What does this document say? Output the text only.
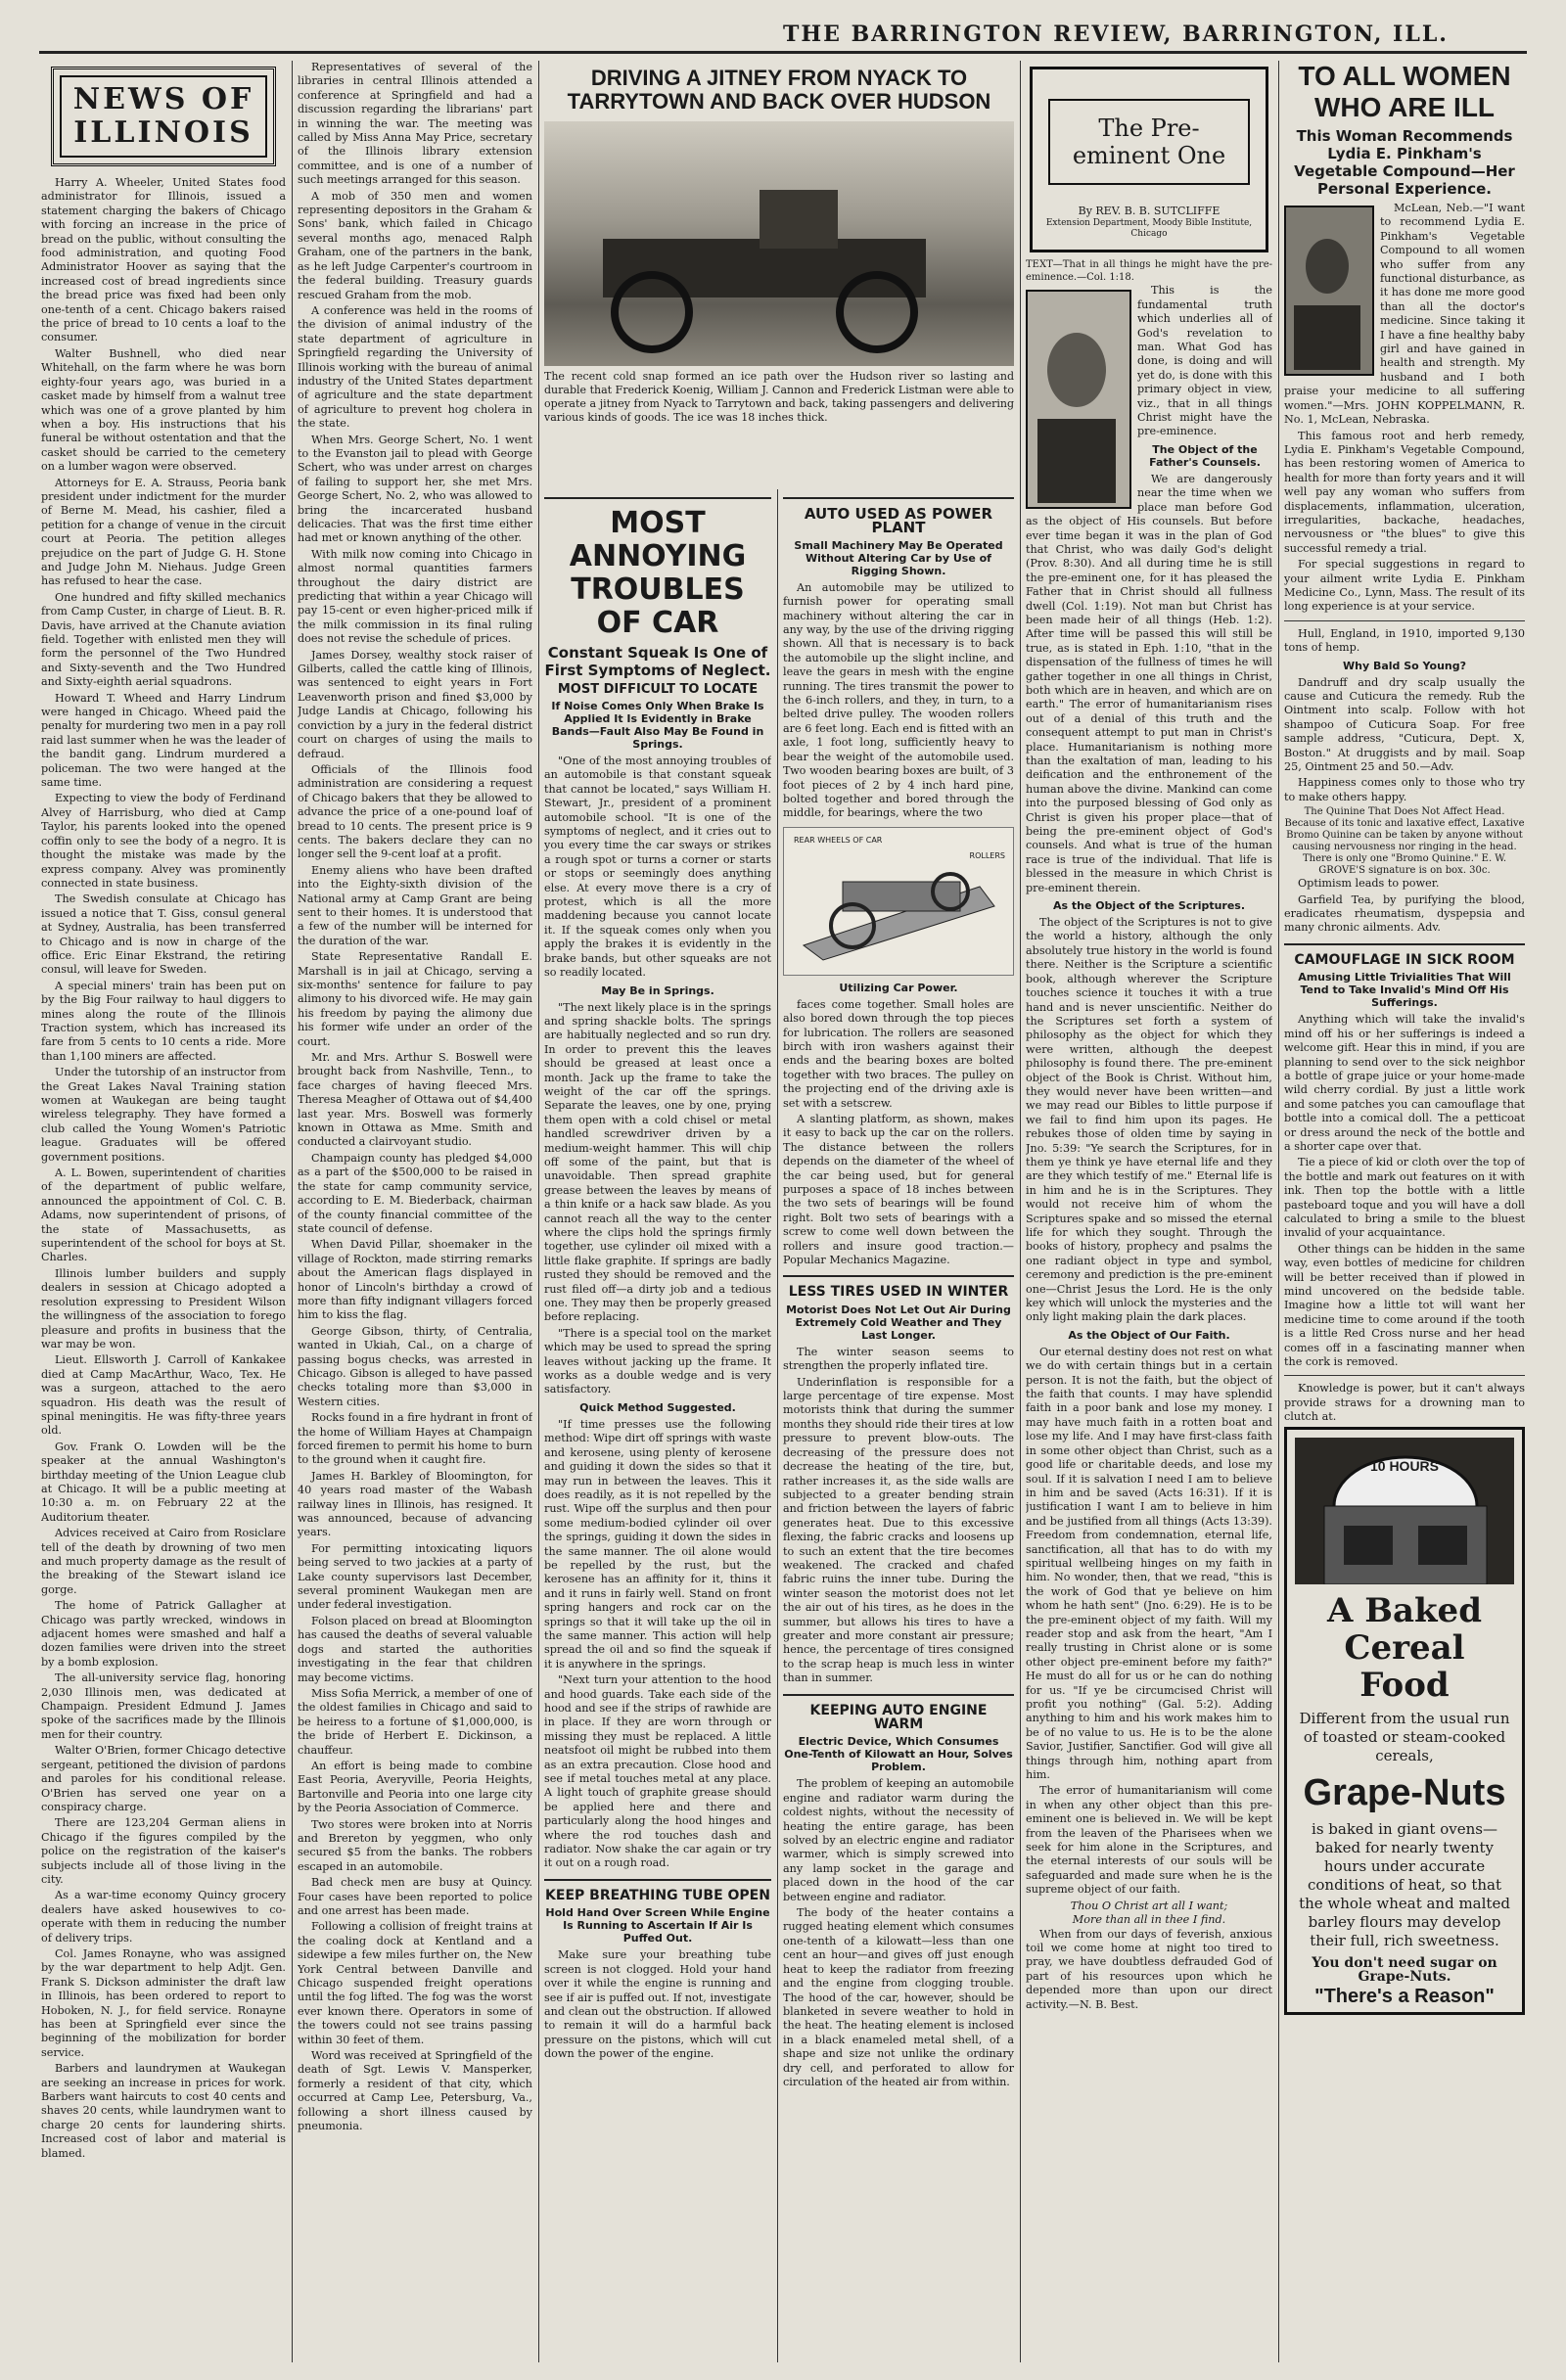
THE BARRINGTON REVIEW, BARRINGTON, ILL.
NEWS OF ILLINOIS

Harry A. Wheeler, United States food administrator for Illinois, issued a statement charging the bakers of Chicago with forcing an increase in the price of bread on the public, without consulting the food administration, and quoting Food Administrator Hoover as saying that the increased cost of bread ingredients since the bread price was fixed had been only one-tenth of a cent. Chicago bakers raised the price of bread to 10 cents a loaf to the consumer.

Walter Bushnell, who died near Whitehall, on the farm where he was born eighty-four years ago, was buried in a casket made by himself from a walnut tree which was one of a grove planted by him when a boy. His instructions that his funeral be without ostentation and that the casket should be carried to the cemetery on a lumber wagon were observed.

Attorneys for E. A. Strauss, Peoria bank president under indictment for the murder of Berne M. Mead, his cashier, filed a petition for a change of venue in the circuit court at Peoria. The petition alleges prejudice on the part of Judge G. H. Stone and Judge John M. Niehaus. Judge Green has refused to hear the case.

One hundred and fifty skilled mechanics from Camp Custer, in charge of Lieut. B. R. Davis, have arrived at the Chanute aviation field. Together with enlisted men they will form the personnel of the Two Hundred and Sixty-seventh and the Two Hundred and Sixty-eighth aerial squadrons.

Howard T. Wheed and Harry Lindrum were hanged in Chicago. Wheed paid the penalty for murdering two men in a pay roll raid last summer when he was the leader of the bandit gang. Lindrum murdered a policeman. The two were hanged at the same time.

Expecting to view the body of Ferdinand Alvey of Harrisburg, who died at Camp Taylor, his parents looked into the opened coffin only to see the body of a negro. It is thought the mistake was made by the express company. Alvey was prominently connected in state business.

The Swedish consulate at Chicago has issued a notice that T. Giss, consul general at Sydney, Australia, has been transferred to Chicago and is now in charge of the office. Eric Einar Ekstrand, the retiring consul, will leave for Sweden.

A special miners' train has been put on by the Big Four railway to haul diggers to mines along the route of the Illinois Traction system, which has increased its fare from 5 cents to 10 cents a ride. More than 1,100 miners are affected.

Under the tutorship of an instructor from the Great Lakes Naval Training station women at Waukegan are being taught wireless telegraphy. They have formed a club called the Young Women's Patriotic league. Graduates will be offered government positions.

A. L. Bowen, superintendent of charities of the department of public welfare, announced the appointment of Col. C. B. Adams, now superintendent of prisons, of the state of Massachusetts, as superintendent of the school for boys at St. Charles.

Illinois lumber builders and supply dealers in session at Chicago adopted a resolution expressing to President Wilson the willingness of the association to forego pleasure and profits in business that the war may be won.

Lieut. Ellsworth J. Carroll of Kankakee died at Camp MacArthur, Waco, Tex. He was a surgeon, attached to the aero squadron. His death was the result of spinal meningitis. He was fifty-three years old.

Gov. Frank O. Lowden will be the speaker at the annual Washington's birthday meeting of the Union League club at Chicago. It will be a public meeting at 10:30 a. m. on February 22 at the Auditorium theater.

Advices received at Cairo from Rosiclare tell of the death by drowning of two men and much property damage as the result of the breaking of the Stewart island ice gorge.

The home of Patrick Gallagher at Chicago was partly wrecked, windows in adjacent homes were smashed and half a dozen families were driven into the street by a bomb explosion.

The all-university service flag, honoring 2,030 Illinois men, was dedicated at Champaign. President Edmund J. James spoke of the sacrifices made by the Illinois men for their country.

Walter O'Brien, former Chicago detective sergeant, petitioned the division of pardons and paroles for his conditional release. O'Brien has served one year on a conspiracy charge.

There are 123,204 German aliens in Chicago if the figures compiled by the police on the registration of the kaiser's subjects include all of those living in the city.

As a war-time economy Quincy grocery dealers have asked housewives to co-operate with them in reducing the number of delivery trips.

Col. James Ronayne, who was assigned by the war department to help Adjt. Gen. Frank S. Dickson administer the draft law in Illinois, has been ordered to report to Hoboken, N. J., for field service. Ronayne has been at Springfield ever since the beginning of the mobilization for border service.

Barbers and laundrymen at Waukegan are seeking an increase in prices for work. Barbers want haircuts to cost 40 cents and shaves 20 cents, while laundrymen want to charge 20 cents for laundering shirts. Increased cost of labor and material is blamed.

Representatives of several of the libraries in central Illinois attended a conference at Springfield and had a discussion regarding the librarians' part in winning the war. The meeting was called by Miss Anna May Price, secretary of the Illinois library extension committee, and is one of a number of such meetings arranged for this season.

A mob of 350 men and women representing depositors in the Graham & Sons' bank, which failed in Chicago several months ago, menaced Ralph Graham, one of the partners in the bank, as he left Judge Carpenter's courtroom in the federal building. Treasury guards rescued Graham from the mob.

A conference was held in the rooms of the division of animal industry of the state department of agriculture in Springfield regarding the University of Illinois working with the bureau of animal industry of the United States department of agriculture and the state department of agriculture to prevent hog cholera in the state.

When Mrs. George Schert, No. 1 went to the Evanston jail to plead with George Schert, who was under arrest on charges of failing to support her, she met Mrs. George Schert, No. 2, who was allowed to bring the incarcerated husband delicacies. That was the first time either had met or known anything of the other.

With milk now coming into Chicago in almost normal quantities farmers throughout the dairy district are predicting that within a year Chicago will pay 15-cent or even higher-priced milk if the milk commission in its final ruling does not revise the schedule of prices.

James Dorsey, wealthy stock raiser of Gilberts, called the cattle king of Illinois, was sentenced to eight years in Fort Leavenworth prison and fined $3,000 by Judge Landis at Chicago, following his conviction by a jury in the federal district court on charges of using the mails to defraud.

Officials of the Illinois food administration are considering a request of Chicago bakers that they be allowed to advance the price of a one-pound loaf of bread to 10 cents. The present price is 9 cents. The bakers declare they can no longer sell the 9-cent loaf at a profit.

Enemy aliens who have been drafted into the Eighty-sixth division of the National army at Camp Grant are being sent to their homes. It is understood that a few of the number will be interned for the duration of the war.

State Representative Randall E. Marshall is in jail at Chicago, serving a six-months' sentence for failure to pay alimony to his divorced wife. He may gain his freedom by paying the alimony due his former wife under an order of the court.

Mr. and Mrs. Arthur S. Boswell were brought back from Nashville, Tenn., to face charges of having fleeced Mrs. Theresa Meagher of Ottawa out of $4,400 last year. Mrs. Boswell was formerly known in Ottawa as Mme. Smith and conducted a clairvoyant studio.

Champaign county has pledged $4,000 as a part of the $500,000 to be raised in the state for camp community service, according to E. M. Biederback, chairman of the county financial committee of the state council of defense.

When David Pillar, shoemaker in the village of Rockton, made stirring remarks about the American flags displayed in honor of Lincoln's birthday a crowd of more than fifty indignant villagers forced him to kiss the flag.

George Gibson, thirty, of Centralia, wanted in Ukiah, Cal., on a charge of passing bogus checks, was arrested in Chicago. Gibson is alleged to have passed checks totaling more than $3,000 in Western cities.

Rocks found in a fire hydrant in front of the home of William Hayes at Champaign forced firemen to permit his home to burn to the ground when it caught fire.

James H. Barkley of Bloomington, for 40 years road master of the Wabash railway lines in Illinois, has resigned. It was announced, because of advancing years.

For permitting intoxicating liquors being served to two jackies at a party of Lake county supervisors last December, several prominent Waukegan men are under federal investigation.

Folson placed on bread at Bloomington has caused the deaths of several valuable dogs and started the authorities investigating in the fear that children may become victims.

Miss Sofia Merrick, a member of one of the oldest families in Chicago and said to be heiress to a fortune of $1,000,000, is the bride of Herbert E. Dickinson, a chauffeur.

An effort is being made to combine East Peoria, Averyville, Peoria Heights, Bartonville and Peoria into one large city by the Peoria Association of Commerce.

Two stores were broken into at Norris and Brereton by yeggmen, who only secured $5 from the banks. The robbers escaped in an automobile.

Bad check men are busy at Quincy. Four cases have been reported to police and one arrest has been made.

Following a collision of freight trains at the coaling dock at Kentland and a sidewipe a few miles further on, the New York Central between Danville and Chicago suspended freight operations until the fog lifted. The fog was the worst ever known there. Operators in some of the towers could not see trains passing within 30 feet of them.

Word was received at Springfield of the death of Sgt. Lewis V. Mansperker, formerly a resident of that city, which occurred at Camp Lee, Petersburg, Va., following a short illness caused by pneumonia.

DRIVING A JITNEY FROM NYACK TO TARRYTOWN AND BACK OVER HUDSON
The recent cold snap formed an ice path over the Hudson river so lasting and durable that Frederick Koenig, William J. Cannon and Frederick Listman were able to operate a jitney from Nyack to Tarrytown and back, taking passengers and delivering various kinds of goods. The ice was 18 inches thick.
MOST ANNOYING TROUBLES OF CAR
Constant Squeak Is One of First Symptoms of Neglect.
MOST DIFFICULT TO LOCATE
If Noise Comes Only When Brake Is Applied It Is Evidently in Brake Bands—Fault Also May Be Found in Springs.

"One of the most annoying troubles of an automobile is that constant squeak that cannot be located," says William H. Stewart, Jr., president of a prominent automobile school. "It is one of the symptoms of neglect, and it cries out to you every time the car sways or strikes a rough spot or turns a corner or starts or stops or seemingly does anything else. At every move there is a cry of protest, which is all the more maddening because you cannot locate it. If the squeak comes only when you apply the brakes it is evidently in the brake bands, but other squeaks are not so readily located.

May Be in Springs.

"The next likely place is in the springs and spring shackle bolts. The springs are habitually neglected and so run dry. In order to prevent this the leaves should be greased at least once a month. Jack up the frame to take the weight of the car off the springs. Separate the leaves, one by one, prying them open with a cold chisel or metal handled screwdriver driven by a medium-weight hammer. This will chip off some of the paint, but that is unavoidable. Then spread graphite grease between the leaves by means of a thin knife or a hack saw blade. As you cannot reach all the way to the center where the clips hold the springs firmly together, use cylinder oil mixed with a little flake graphite. If springs are badly rusted they should be removed and the rust filed off—a dirty job and a tedious one. They may then be properly greased before replacing.

"There is a special tool on the market which may be used to spread the spring leaves without jacking up the frame. It works as a double wedge and is very satisfactory.

Quick Method Suggested.

"If time presses use the following method: Wipe dirt off springs with waste and kerosene, using plenty of kerosene and guiding it down the sides so that it may run in between the leaves. This it does readily, as it is not repelled by the rust. Wipe off the surplus and then pour some medium-bodied cylinder oil over the springs, guiding it down the sides in the same manner. The oil alone would be repelled by the rust, but the kerosene has an affinity for it, thins it and it runs in fairly well. Stand on front spring hangers and rock car on the springs so that it will take up the oil in the same manner. This action will help spread the oil and so find the squeak if it is anywhere in the springs.

"Next turn your attention to the hood and hood guards. Take each side of the hood and see if the strips of rawhide are in place. If they are worn through or missing they must be replaced. A little neatsfoot oil might be rubbed into them as an extra precaution. Close hood and see if metal touches metal at any place. A light touch of graphite grease should be applied here and there and particularly along the hood hinges and where the rod touches dash and radiator. Now shake the car again or try it out on a rough road.

KEEP BREATHING TUBE OPEN
Hold Hand Over Screen While Engine Is Running to Ascertain If Air Is Puffed Out.

Make sure your breathing tube screen is not clogged. Hold your hand over it while the engine is running and see if air is puffed out. If not, investigate and clean out the obstruction. If allowed to remain it will do a harmful back pressure on the pistons, which will cut down the power of the engine.

AUTO USED AS POWER PLANT
Small Machinery May Be Operated Without Altering Car by Use of Rigging Shown.

An automobile may be utilized to furnish power for operating small machinery without altering the car in any way, by the use of the driving rigging shown. All that is necessary is to back the automobile up the slight incline, and leave the gears in mesh with the engine running. The tires transmit the power to the 6-inch rollers, and they, in turn, to a belted drive pulley. The wooden rollers are 6 feet long. Each end is fitted with an axle, 1 foot long, sufficiently heavy to bear the weight of the automobile used. Two wooden bearing boxes are built, of 3 foot pieces of 2 by 4 inch hard pine, bolted together and bored through the middle, for bearings, where the two

REAR WHEELS OF CAR
ROLLERS
Utilizing Car Power.

faces come together. Small holes are also bored down through the top pieces for lubrication. The rollers are seasoned birch with iron washers against their ends and the bearing boxes are bolted together with two braces. The pulley on the projecting end of the driving axle is set with a setscrew.

A slanting platform, as shown, makes it easy to back up the car on the rollers. The distance between the rollers depends on the diameter of the wheel of the car being used, but for general purposes a space of 18 inches between the two sets of bearings will be found right. Bolt two sets of bearings with a screw to come well down between the rollers and insure good traction.—Popular Mechanics Magazine.

LESS TIRES USED IN WINTER
Motorist Does Not Let Out Air During Extremely Cold Weather and They Last Longer.

The winter season seems to strengthen the properly inflated tire.

Underinflation is responsible for a large percentage of tire expense. Most motorists think that during the summer months they should ride their tires at low pressure to prevent blow-outs. The decreasing of the pressure does not decrease the heating of the tire, but, rather increases it, as the side walls are subjected to a greater bending strain and friction between the layers of fabric generates heat. Due to this excessive flexing, the fabric cracks and loosens up to such an extent that the tire becomes weakened. The cracked and chafed fabric ruins the inner tube. During the winter season the motorist does not let the air out of his tires, as he does in the summer, but allows his tires to have a greater and more constant air pressure; hence, the percentage of tires consigned to the scrap heap is much less in winter than in summer.

KEEPING AUTO ENGINE WARM
Electric Device, Which Consumes One-Tenth of Kilowatt an Hour, Solves Problem.

The problem of keeping an automobile engine and radiator warm during the coldest nights, without the necessity of heating the entire garage, has been solved by an electric engine and radiator warmer, which is simply screwed into any lamp socket in the garage and placed down in the hood of the car between engine and radiator.

The body of the heater contains a rugged heating element which consumes one-tenth of a kilowatt—less than one cent an hour—and gives off just enough heat to keep the radiator from freezing and the engine from clogging trouble. The hood of the car, however, should be blanketed in severe weather to hold in the heat. The heating element is inclosed in a black enameled metal shell, of a shape and size not unlike the ordinary dry cell, and perforated to allow for circulation of the heated air from within.

The Pre-eminent One
By REV. B. B. SUTCLIFFE
Extension Department, Moody Bible Institute, Chicago
TEXT—That in all things he might have the pre-eminence.—Col. 1:18.

This is the fundamental truth which underlies all of God's revelation to man. What God has done, is doing and will yet do, is done with this primary object in view, viz., that in all things Christ might have the pre-eminence.

The Object of the Father's Counsels.

We are dangerously near the time when we place man before God as the object of His counsels. But before ever time began it was in the plan of God that Christ, who was daily God's delight (Prov. 8:30). And all during time he is still the pre-eminent one, for it has pleased the Father that in Christ should all fullness dwell (Col. 1:19). Not man but Christ has been made heir of all things (Heb. 1:2). After time will be passed this will still be true, as is stated in Eph. 1:10, "that in the dispensation of the fullness of times he will gather together in one all things in Christ, both which are in heaven, and which are on earth." The error of humanitarianism rises out of a denial of this truth and the consequent attempt to put man in Christ's place. Humanitarianism is nothing more than the exaltation of man, leading to his deification and the enthronement of the human above the divine. Mankind can come into the purposed blessing of God only as Christ is given his proper place—that of being the pre-eminent object of God's counsels. And what is true of the human race is true of the individual. That life is blessed in the measure in which Christ is pre-eminent therein.

As the Object of the Scriptures.

The object of the Scriptures is not to give the world a history, although the only absolutely true history in the world is found there. Neither is the Scripture a scientific book, although wherever the Scripture touches science it touches it with a true hand and is never unscientific. Neither do the Scriptures set forth a system of philosophy as the object for which they were written, although the deepest philosophy is found there. The pre-eminent object of the Book is Christ. Without him, they would never have been written—and we may read our Bibles to little purpose if we fail to find him upon its pages. He rebukes those of olden time by saying in Jno. 5:39: "Ye search the Scriptures, for in them ye think ye have eternal life and they are they which testify of me." Eternal life is in him and he is in the Scriptures. They would not receive him of whom the Scriptures spake and so missed the eternal life for which they sought. Through the books of history, prophecy and psalms the one radiant object in type and symbol, ceremony and prediction is the pre-eminent one—Christ Jesus the Lord. He is the only key which will unlock the mysteries and the only light making plain the dark places.

As the Object of Our Faith.

Our eternal destiny does not rest on what we do with certain things but in a certain person. It is not the faith, but the object of the faith that counts. I may have splendid faith in a poor bank and lose my money. I may have much faith in a rotten boat and lose my life. And I may have first-class faith in some other object than Christ, such as a good life or charitable deeds, and lose my soul. If it is salvation I need I am to believe in him and be saved (Acts 16:31). If it is justification I want I am to believe in him and be justified from all things (Acts 13:39). Freedom from condemnation, eternal life, sanctification, all that has to do with my spiritual wellbeing hinges on my faith in him. No wonder, then, that we read, "this is the work of God that ye believe on him whom he hath sent" (Jno. 6:29). He is to be the pre-eminent object of my faith. Will my reader stop and ask from the heart, "Am I really trusting in Christ alone or is some other object pre-eminent before my faith?" He must do all for us or he can do nothing for us. "If ye be circumcised Christ will profit you nothing" (Gal. 5:2). Adding anything to him and his work makes him to be of no value to us. He is to be the alone Savior, Justifier, Sanctifier. God will give all things through him, nothing apart from him.

The error of humanitarianism will come in when any other object than this pre-eminent one is believed in. We will be kept from the leaven of the Pharisees when we seek for him alone in the Scriptures, and the eternal interests of our souls will be safeguarded and made sure when he is the supreme object of our faith.

Thou O Christ art all I want;
More than all in thee I find.

When from our days of feverish, anxious toil we come home at night too tired to pray, we have doubtless defrauded God of part of his resources upon which he depended more than upon our direct activity.—N. B. Best.

TO ALL WOMEN WHO ARE ILL
This Woman Recommends Lydia E. Pinkham's Vegetable Compound—Her Personal Experience.

McLean, Neb.—"I want to recommend Lydia E. Pinkham's Vegetable Compound to all women who suffer from any functional disturbance, as it has done me more good than all the doctor's medicine. Since taking it I have a fine healthy baby girl and have gained in health and strength. My husband and I both praise your medicine to all suffering women."—Mrs. JOHN KOPPELMANN, R. No. 1, McLean, Nebraska.

This famous root and herb remedy, Lydia E. Pinkham's Vegetable Compound, has been restoring women of America to health for more than forty years and it will well pay any woman who suffers from displacements, inflammation, ulceration, irregularities, backache, headaches, nervousness or "the blues" to give this successful remedy a trial.

For special suggestions in regard to your ailment write Lydia E. Pinkham Medicine Co., Lynn, Mass. The result of its long experience is at your service.

Hull, England, in 1910, imported 9,130 tons of hemp.

Why Bald So Young?

Dandruff and dry scalp usually the cause and Cuticura the remedy. Rub the Ointment into scalp. Follow with hot shampoo of Cuticura Soap. For free sample address, "Cuticura, Dept. X, Boston." At druggists and by mail. Soap 25, Ointment 25 and 50.—Adv.

Happiness comes only to those who try to make others happy.

The Quinine That Does Not Affect Head. Because of its tonic and laxative effect, Laxative Bromo Quinine can be taken by anyone without causing nervousness nor ringing in the head. There is only one "Bromo Quinine." E. W. GROVE'S signature is on box. 30c.

Optimism leads to power.

Garfield Tea, by purifying the blood, eradicates rheumatism, dyspepsia and many chronic ailments. Adv.

CAMOUFLAGE IN SICK ROOM
Amusing Little Trivialities That Will Tend to Take Invalid's Mind Off His Sufferings.

Anything which will take the invalid's mind off his or her sufferings is indeed a welcome gift. Hear this in mind, if you are planning to send over to the sick neighbor a bottle of grape juice or your home-made wild cherry cordial. By just a little work and some patches you can camouflage that bottle into a comical doll. The a petticoat or dress around the neck of the bottle and a shorter cape over that.

Tie a piece of kid or cloth over the top of the bottle and mark out features on it with ink. Then top the bottle with a little pasteboard toque and you will have a doll calculated to bring a smile to the bluest invalid of your acquaintance.

Other things can be hidden in the same way, even bottles of medicine for children will be better received than if plowed in mind uncovered on the bedside table. Imagine how a little tot will want her medicine time to come around if the tooth is a little Red Cross nurse and her head comes off in a fascinating manner when the cork is removed.

Knowledge is power, but it can't always provide straws for a drowning man to clutch at.

10 HOURS
A Baked Cereal Food
Different from the usual run of toasted or steam-cooked cereals,
Grape-Nuts
is baked in giant ovens—baked for nearly twenty hours under accurate conditions of heat, so that the whole wheat and malted barley flours may develop their full, rich sweetness.
You don't need sugar on Grape-Nuts.
"There's a Reason"
